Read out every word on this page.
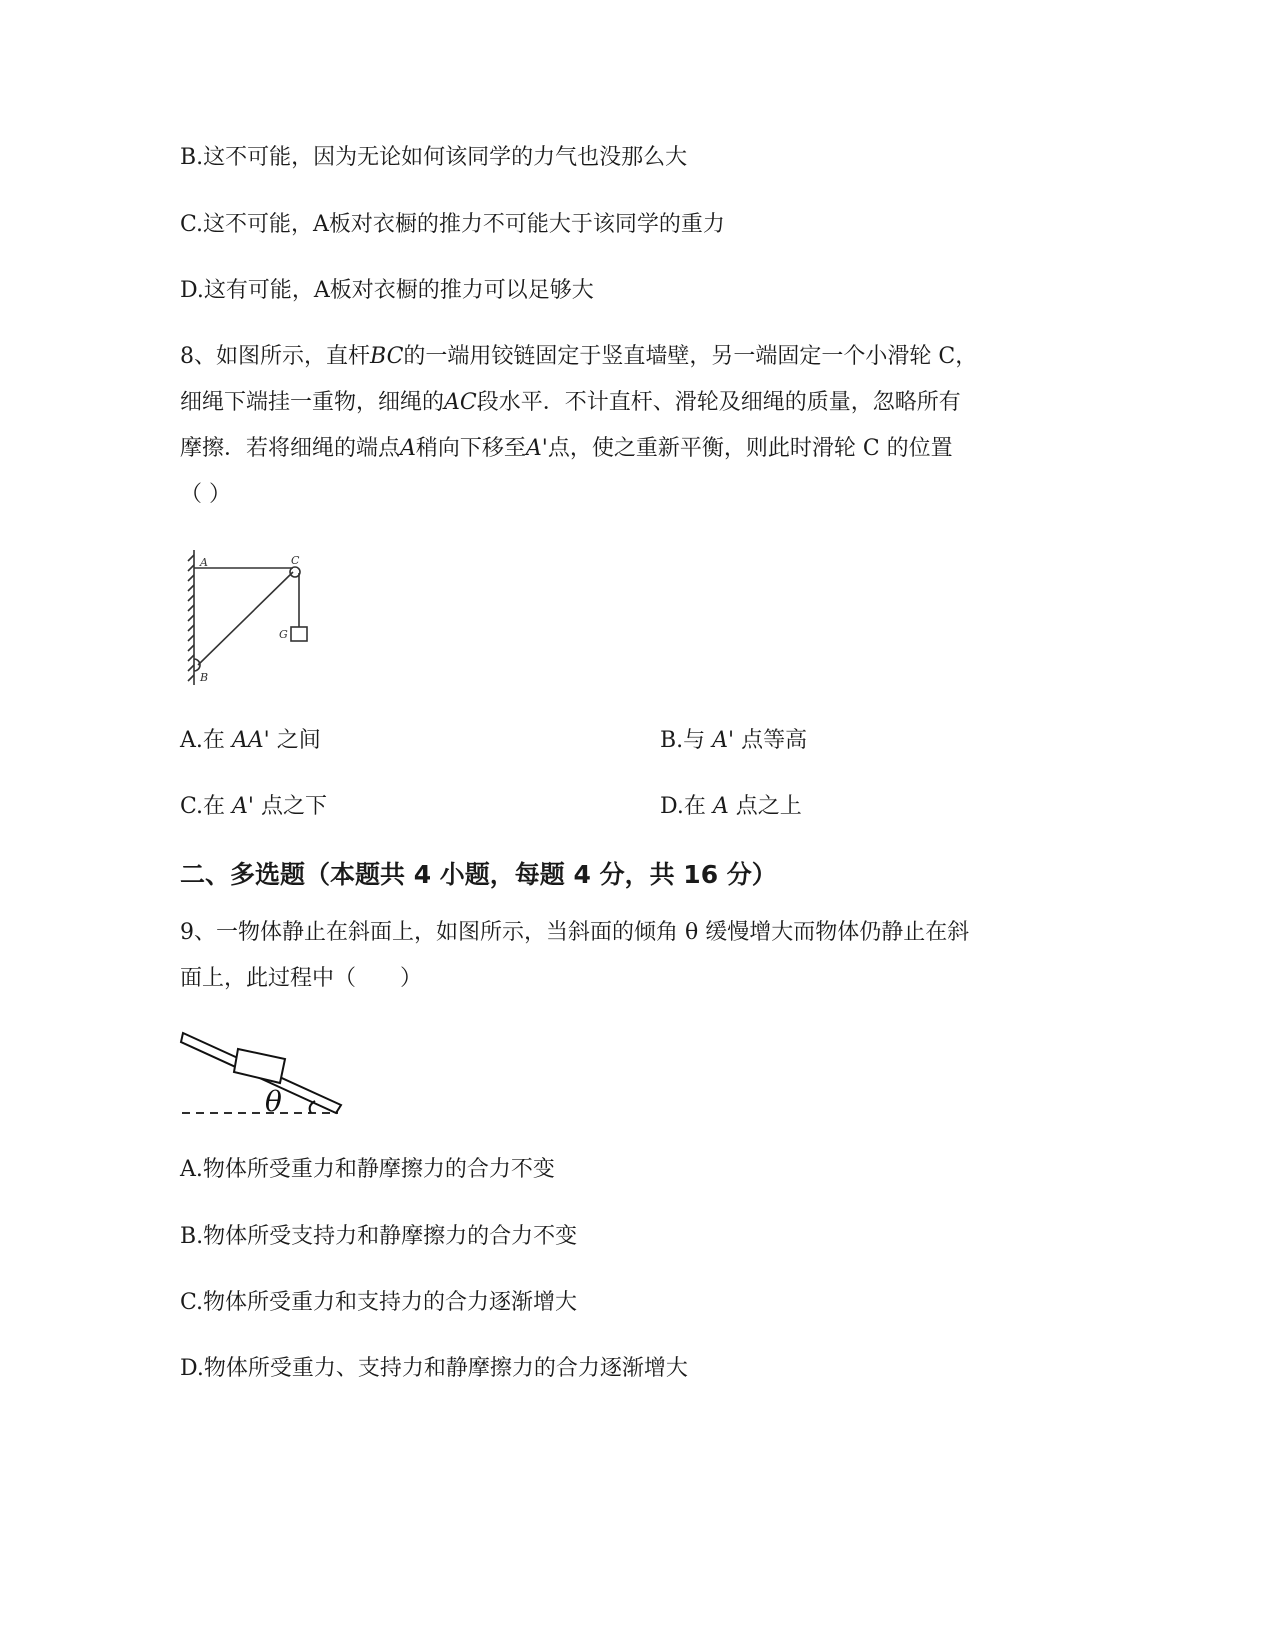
B.这不可能，因为无论如何该同学的力气也没那么大
C.这不可能，A板对衣橱的推力不可能大于该同学的重力
D.这有可能，A板对衣橱的推力可以足够大
8、如图所示，直杆BC的一端用铰链固定于竖直墙壁，另一端固定一个小滑轮 C，
细绳下端挂一重物，细绳的AC段水平．不计直杆、滑轮及细绳的质量，忽略所有
摩擦．若将细绳的端点A稍向下移至A'点，使之重新平衡，则此时滑轮 C 的位置
（ ）
A	C
G
B
A.在 AA' 之间	B.与 A' 点等高
C.在 A' 点之下	D.在 A 点之上
二、多选题（本题共 4 小题，每题 4 分，共 16 分）
9、一物体静止在斜面上，如图所示，当斜面的倾角 θ 缓慢增大而物体仍静止在斜
面上，此过程中（　　）
θ
A.物体所受重力和静摩擦力的合力不变
B.物体所受支持力和静摩擦力的合力不变
C.物体所受重力和支持力的合力逐渐增大
D.物体所受重力、支持力和静摩擦力的合力逐渐增大
